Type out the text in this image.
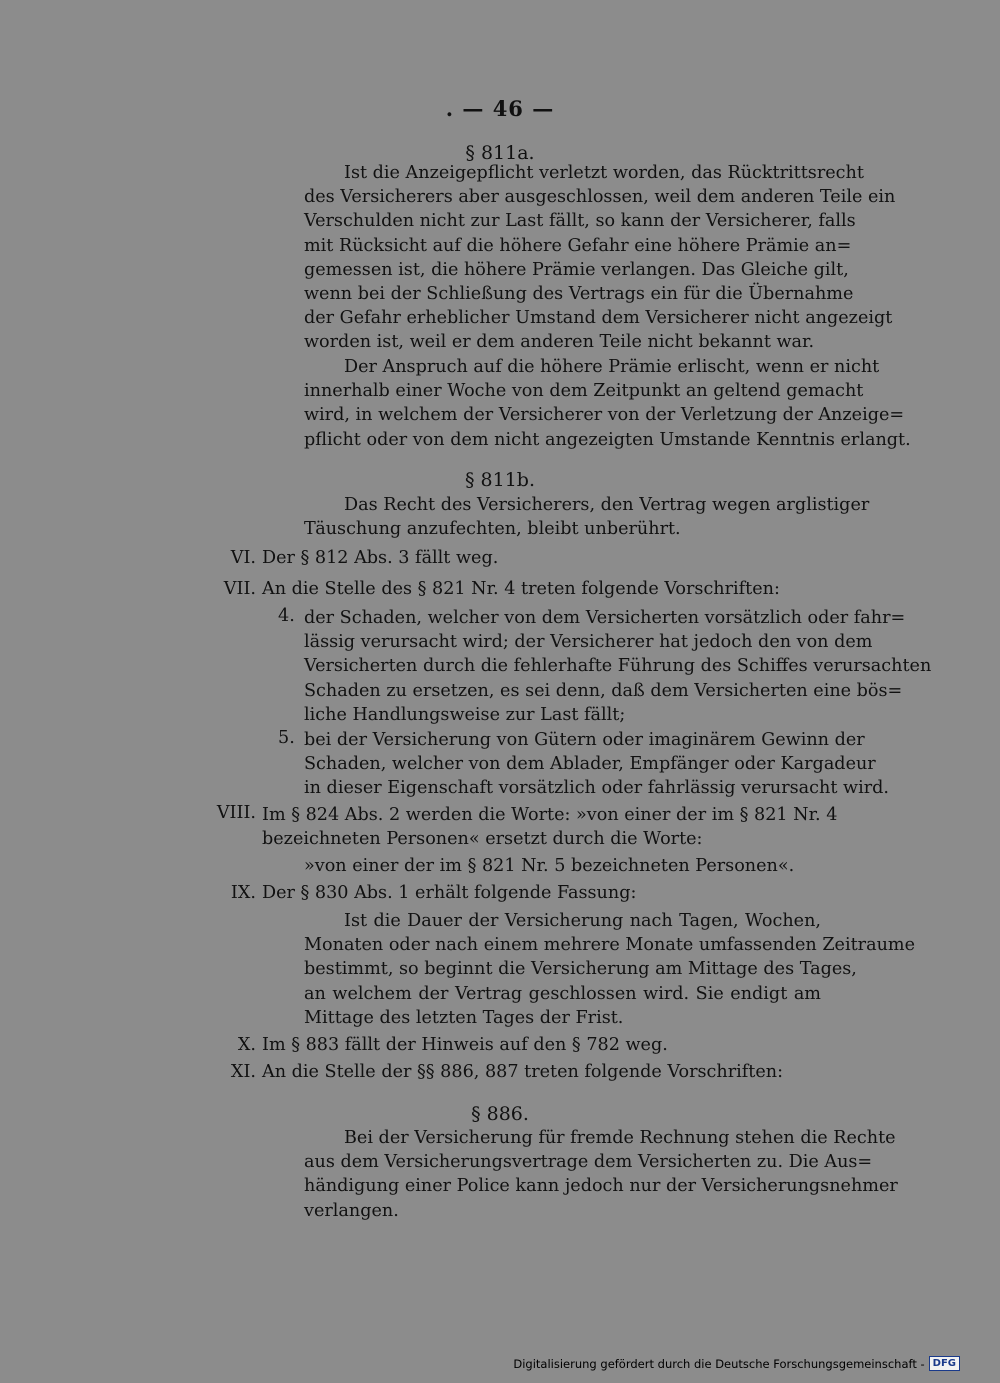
. — 46 —
§ 811a.
Ist die Anzeigepflicht verletzt worden, das Rücktrittsrecht
des Versicherers aber ausgeschlossen, weil dem anderen Teile ein
Verschulden nicht zur Last fällt, so kann der Versicherer, falls
mit Rücksicht auf die höhere Gefahr eine höhere Prämie an=
gemessen ist, die höhere Prämie verlangen. Das Gleiche gilt,
wenn bei der Schließung des Vertrags ein für die Übernahme
der Gefahr erheblicher Umstand dem Versicherer nicht angezeigt
worden ist, weil er dem anderen Teile nicht bekannt war.
Der Anspruch auf die höhere Prämie erlischt, wenn er nicht
innerhalb einer Woche von dem Zeitpunkt an geltend gemacht
wird, in welchem der Versicherer von der Verletzung der Anzeige=
pflicht oder von dem nicht angezeigten Umstande Kenntnis erlangt.
§ 811b.
Das Recht des Versicherers, den Vertrag wegen arglistiger
Täuschung anzufechten, bleibt unberührt.
VI. Der § 812 Abs. 3 fällt weg.
VII. An die Stelle des § 821 Nr. 4 treten folgende Vorschriften:
4. der Schaden, welcher von dem Versicherten vorsätzlich oder fahr=
lässig verursacht wird; der Versicherer hat jedoch den von dem
Versicherten durch die fehlerhafte Führung des Schiffes verursachten
Schaden zu ersetzen, es sei denn, daß dem Versicherten eine bös=
liche Handlungsweise zur Last fällt;
5. bei der Versicherung von Gütern oder imaginärem Gewinn der
Schaden, welcher von dem Ablader, Empfänger oder Kargadeur
in dieser Eigenschaft vorsätzlich oder fahrlässig verursacht wird.
VIII. Im § 824 Abs. 2 werden die Worte: »von einer der im § 821 Nr. 4
bezeichneten Personen« ersetzt durch die Worte:
»von einer der im § 821 Nr. 5 bezeichneten Personen«.
IX. Der § 830 Abs. 1 erhält folgende Fassung:
Ist die Dauer der Versicherung nach Tagen, Wochen,
Monaten oder nach einem mehrere Monate umfassenden Zeitraume
bestimmt, so beginnt die Versicherung am Mittage des Tages,
an welchem der Vertrag geschlossen wird. Sie endigt am
Mittage des letzten Tages der Frist.
X. Im § 883 fällt der Hinweis auf den § 782 weg.
XI. An die Stelle der §§ 886, 887 treten folgende Vorschriften:
§ 886.
Bei der Versicherung für fremde Rechnung stehen die Rechte
aus dem Versicherungsvertrage dem Versicherten zu. Die Aus=
händigung einer Police kann jedoch nur der Versicherungsnehmer
verlangen.
Digitalisierung gefördert durch die Deutsche Forschungsgemeinschaft - DFG
